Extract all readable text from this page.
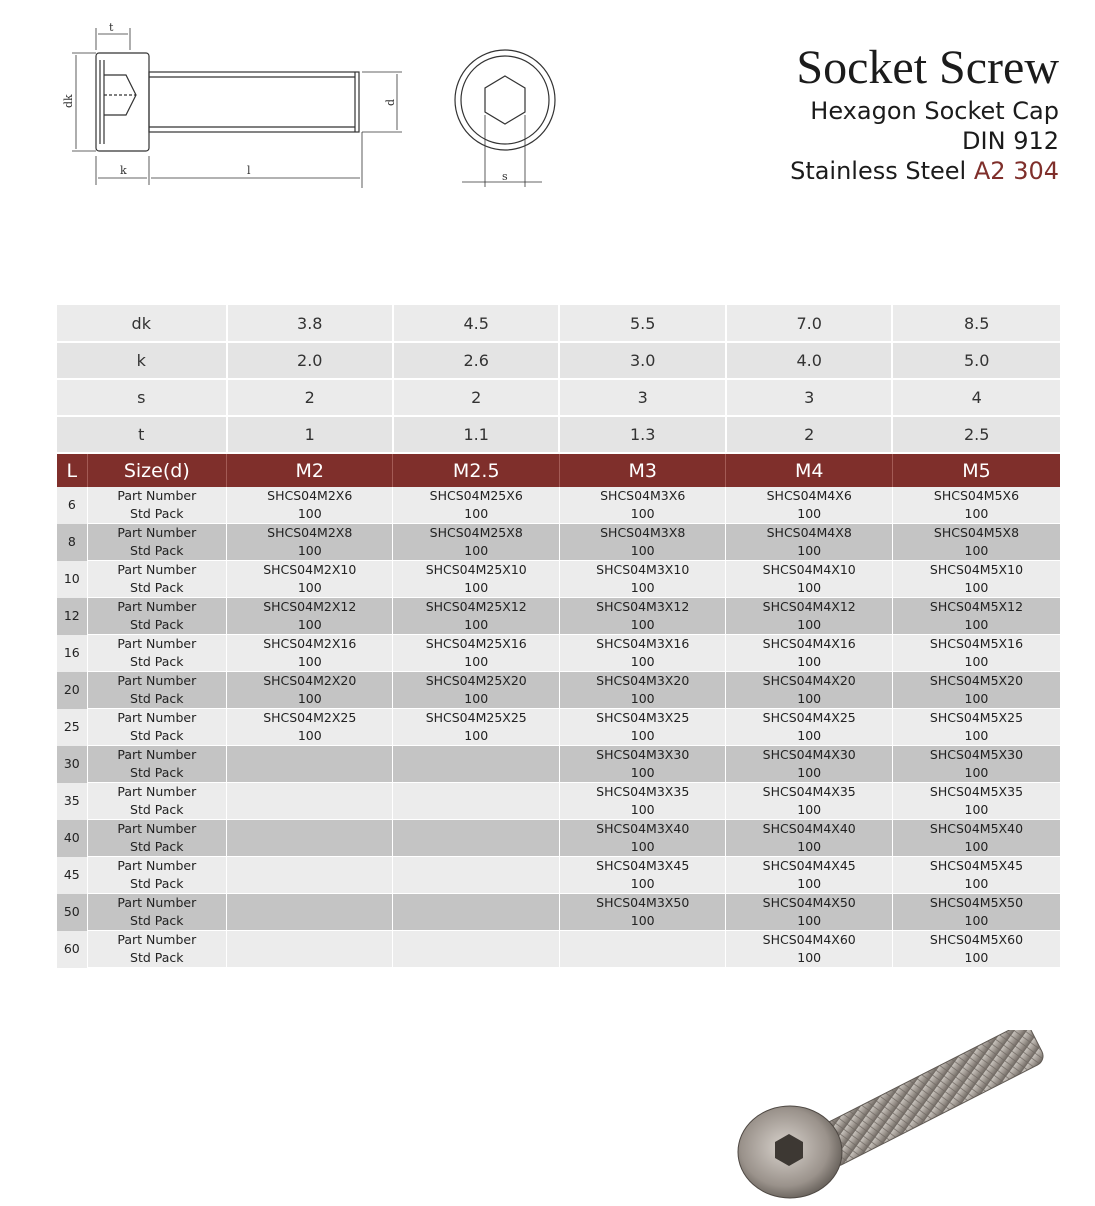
t
dk
k	l
d
s
Socket Screw
Hexagon Socket Cap
DIN 912
Stainless Steel A2 304
dk		3.8	4.5	5.5	7.0	8.5
k		2.0	2.6	3.0	4.0	5.0
s		2	2	3	3	4
t		1	1.1	1.3	2	2.5
L	Size(d)	M2	M2.5	M3	M4	M5
6	Part Number	SHCS04M2X6	SHCS04M25X6	SHCS04M3X6	SHCS04M4X6	SHCS04M5X6
	Std Pack	100	100	100	100	100
8	Part Number	SHCS04M2X8	SHCS04M25X8	SHCS04M3X8	SHCS04M4X8	SHCS04M5X8
	Std Pack	100	100	100	100	100
10	Part Number	SHCS04M2X10	SHCS04M25X10	SHCS04M3X10	SHCS04M4X10	SHCS04M5X10
	Std Pack	100	100	100	100	100
12	Part Number	SHCS04M2X12	SHCS04M25X12	SHCS04M3X12	SHCS04M4X12	SHCS04M5X12
	Std Pack	100	100	100	100	100
16	Part Number	SHCS04M2X16	SHCS04M25X16	SHCS04M3X16	SHCS04M4X16	SHCS04M5X16
	Std Pack	100	100	100	100	100
20	Part Number	SHCS04M2X20	SHCS04M25X20	SHCS04M3X20	SHCS04M4X20	SHCS04M5X20
	Std Pack	100	100	100	100	100
25	Part Number	SHCS04M2X25	SHCS04M25X25	SHCS04M3X25	SHCS04M4X25	SHCS04M5X25
	Std Pack	100	100	100	100	100
30	Part Number			SHCS04M3X30	SHCS04M4X30	SHCS04M5X30
	Std Pack			100	100	100
35	Part Number			SHCS04M3X35	SHCS04M4X35	SHCS04M5X35
	Std Pack			100	100	100
40	Part Number			SHCS04M3X40	SHCS04M4X40	SHCS04M5X40
	Std Pack			100	100	100
45	Part Number			SHCS04M3X45	SHCS04M4X45	SHCS04M5X45
	Std Pack			100	100	100
50	Part Number			SHCS04M3X50	SHCS04M4X50	SHCS04M5X50
	Std Pack			100	100	100
60	Part Number				SHCS04M4X60	SHCS04M5X60
	Std Pack				100	100
